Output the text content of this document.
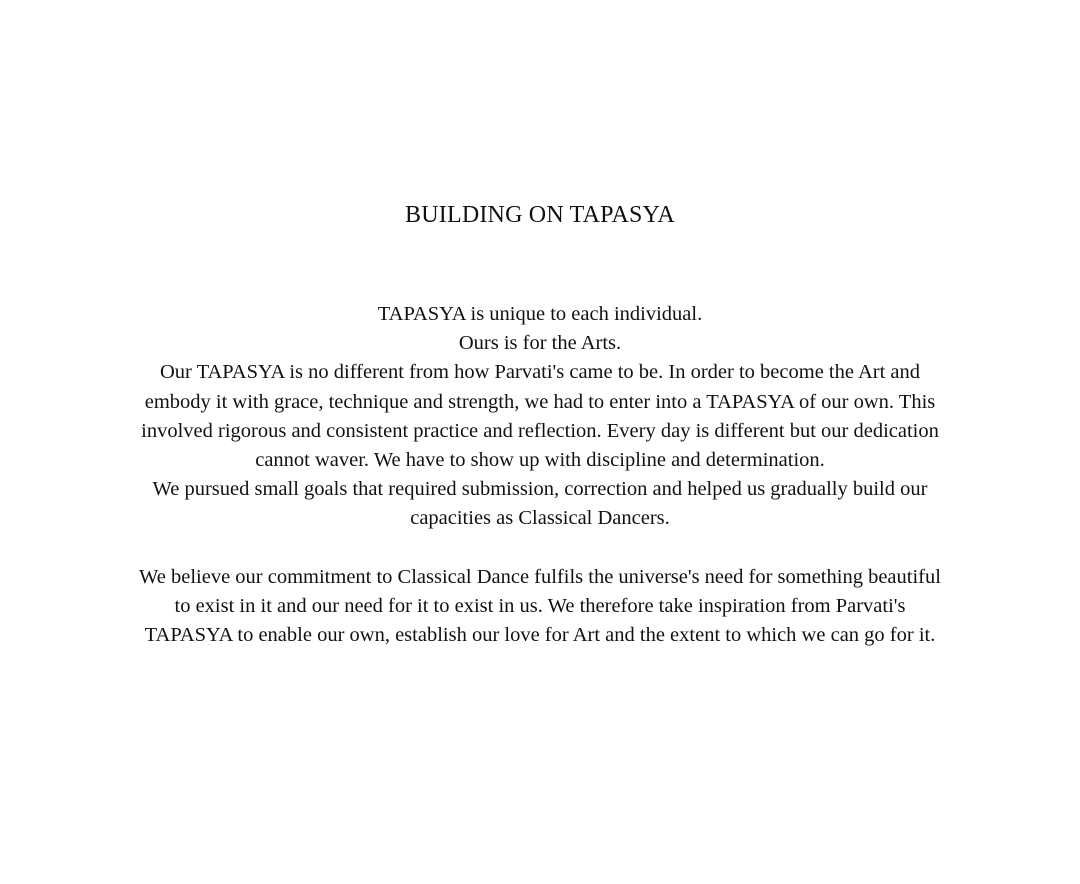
BUILDING ON TAPASYA
TAPASYA is unique to each individual.
Ours is for the Arts.
Our TAPASYA is no different from how Parvati's came to be. In order to become the Art and
embody it with grace, technique and strength, we had to enter into a TAPASYA of our own. This
involved rigorous and consistent practice and reflection. Every day is different but our dedication
cannot waver. We have to show up with discipline and determination.
We pursued small goals that required submission, correction and helped us gradually build our
capacities as Classical Dancers.
We believe our commitment to Classical Dance fulfils the universe's need for something beautiful
to exist in it and our need for it to exist in us. We therefore take inspiration from Parvati's
TAPASYA to enable our own, establish our love for Art and the extent to which we can go for it.
